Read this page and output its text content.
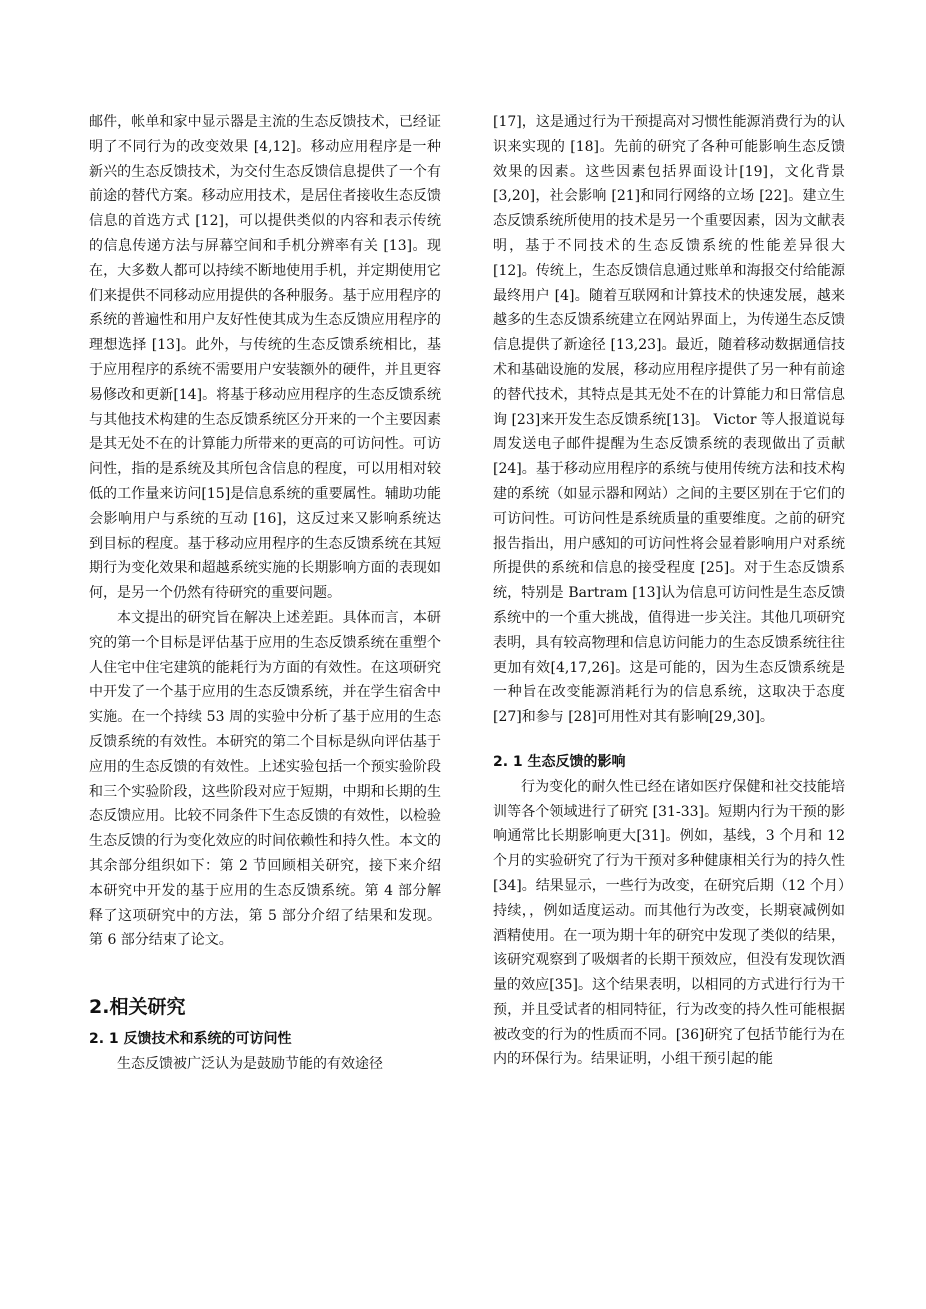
邮件，帐单和家中显示器是主流的生态反馈技术，已经证明了不同行为的改变效果 [4,12]。移动应用程序是一种新兴的生态反馈技术，为交付生态反馈信息提供了一个有前途的替代方案。移动应用技术，是居住者接收生态反馈信息的首选方式 [12]，可以提供类似的内容和表示传统的信息传递方法与屏幕空间和手机分辨率有关 [13]。现在，大多数人都可以持续不断地使用手机，并定期使用它们来提供不同移动应用提供的各种服务。基于应用程序的系统的普遍性和用户友好性使其成为生态反馈应用程序的理想选择 [13]。此外，与传统的生态反馈系统相比，基于应用程序的系统不需要用户安装额外的硬件，并且更容易修改和更新[14]。将基于移动应用程序的生态反馈系统与其他技术构建的生态反馈系统区分开来的一个主要因素是其无处不在的计算能力所带来的更高的可访问性。可访问性，指的是系统及其所包含信息的程度，可以用相对较低的工作量来访问[15]是信息系统的重要属性。辅助功能会影响用户与系统的互动 [16]，这反过来又影响系统达到目标的程度。基于移动应用程序的生态反馈系统在其短期行为变化效果和超越系统实施的长期影响方面的表现如何，是另一个仍然有待研究的重要问题。

本文提出的研究旨在解决上述差距。具体而言，本研究的第一个目标是评估基于应用的生态反馈系统在重塑个人住宅中住宅建筑的能耗行为方面的有效性。在这项研究中开发了一个基于应用的生态反馈系统，并在学生宿舍中实施。在一个持续 53 周的实验中分析了基于应用的生态反馈系统的有效性。本研究的第二个目标是纵向评估基于应用的生态反馈的有效性。上述实验包括一个预实验阶段和三个实验阶段，这些阶段对应于短期，中期和长期的生态反馈应用。比较不同条件下生态反馈的有效性，以检验生态反馈的行为变化效应的时间依赖性和持久性。本文的其余部分组织如下：第 2 节回顾相关研究，接下来介绍本研究中开发的基于应用的生态反馈系统。第 4 部分解释了这项研究中的方法，第 5 部分介绍了结果和发现。第 6 部分结束了论文。

2.相关研究
2. 1 反馈技术和系统的可访问性

生态反馈被广泛认为是鼓励节能的有效途径

[17]，这是通过行为干预提高对习惯性能源消费行为的认识来实现的 [18]。先前的研究了各种可能影响生态反馈效果的因素。这些因素包括界面设计[19]，文化背景 [3,20]，社会影响 [21]和同行网络的立场 [22]。建立生态反馈系统所使用的技术是另一个重要因素，因为文献表明，基于不同技术的生态反馈系统的性能差异很大 [12]。传统上，生态反馈信息通过账单和海报交付给能源最终用户 [4]。随着互联网和计算技术的快速发展，越来越多的生态反馈系统建立在网站界面上，为传递生态反馈信息提供了新途径 [13,23]。最近，随着移动数据通信技术和基础设施的发展，移动应用程序提供了另一种有前途的替代技术，其特点是其无处不在的计算能力和日常信息询 [23]来开发生态反馈系统[13]。 Victor 等人报道说每周发送电子邮件提醒为生态反馈系统的表现做出了贡献[24]。基于移动应用程序的系统与使用传统方法和技术构建的系统（如显示器和网站）之间的主要区别在于它们的可访问性。可访问性是系统质量的重要维度。之前的研究报告指出，用户感知的可访问性将会显着影响用户对系统所提供的系统和信息的接受程度 [25]。对于生态反馈系统，特别是 Bartram [13]认为信息可访问性是生态反馈系统中的一个重大挑战，值得进一步关注。其他几项研究表明，具有较高物理和信息访问能力的生态反馈系统往往更加有效[4,17,26]。这是可能的，因为生态反馈系统是一种旨在改变能源消耗行为的信息系统，这取决于态度[27]和参与 [28]可用性对其有影响[29,30]。

2. 1 生态反馈的影响

行为变化的耐久性已经在诸如医疗保健和社交技能培训等各个领域进行了研究 [31-33]。短期内行为干预的影响通常比长期影响更大[31]。例如，基线，3 个月和 12 个月的实验研究了行为干预对多种健康相关行为的持久性 [34]。结果显示，一些行为改变，在研究后期（12 个月）持续，，例如适度运动。而其他行为改变，长期衰减例如酒精使用。在一项为期十年的研究中发现了类似的结果，该研究观察到了吸烟者的长期干预效应，但没有发现饮酒量的效应[35]。这个结果表明，以相同的方式进行行为干预，并且受试者的相同特征，行为改变的持久性可能根据被改变的行为的性质而不同。[36]研究了包括节能行为在内的环保行为。结果证明，小组干预引起的能
